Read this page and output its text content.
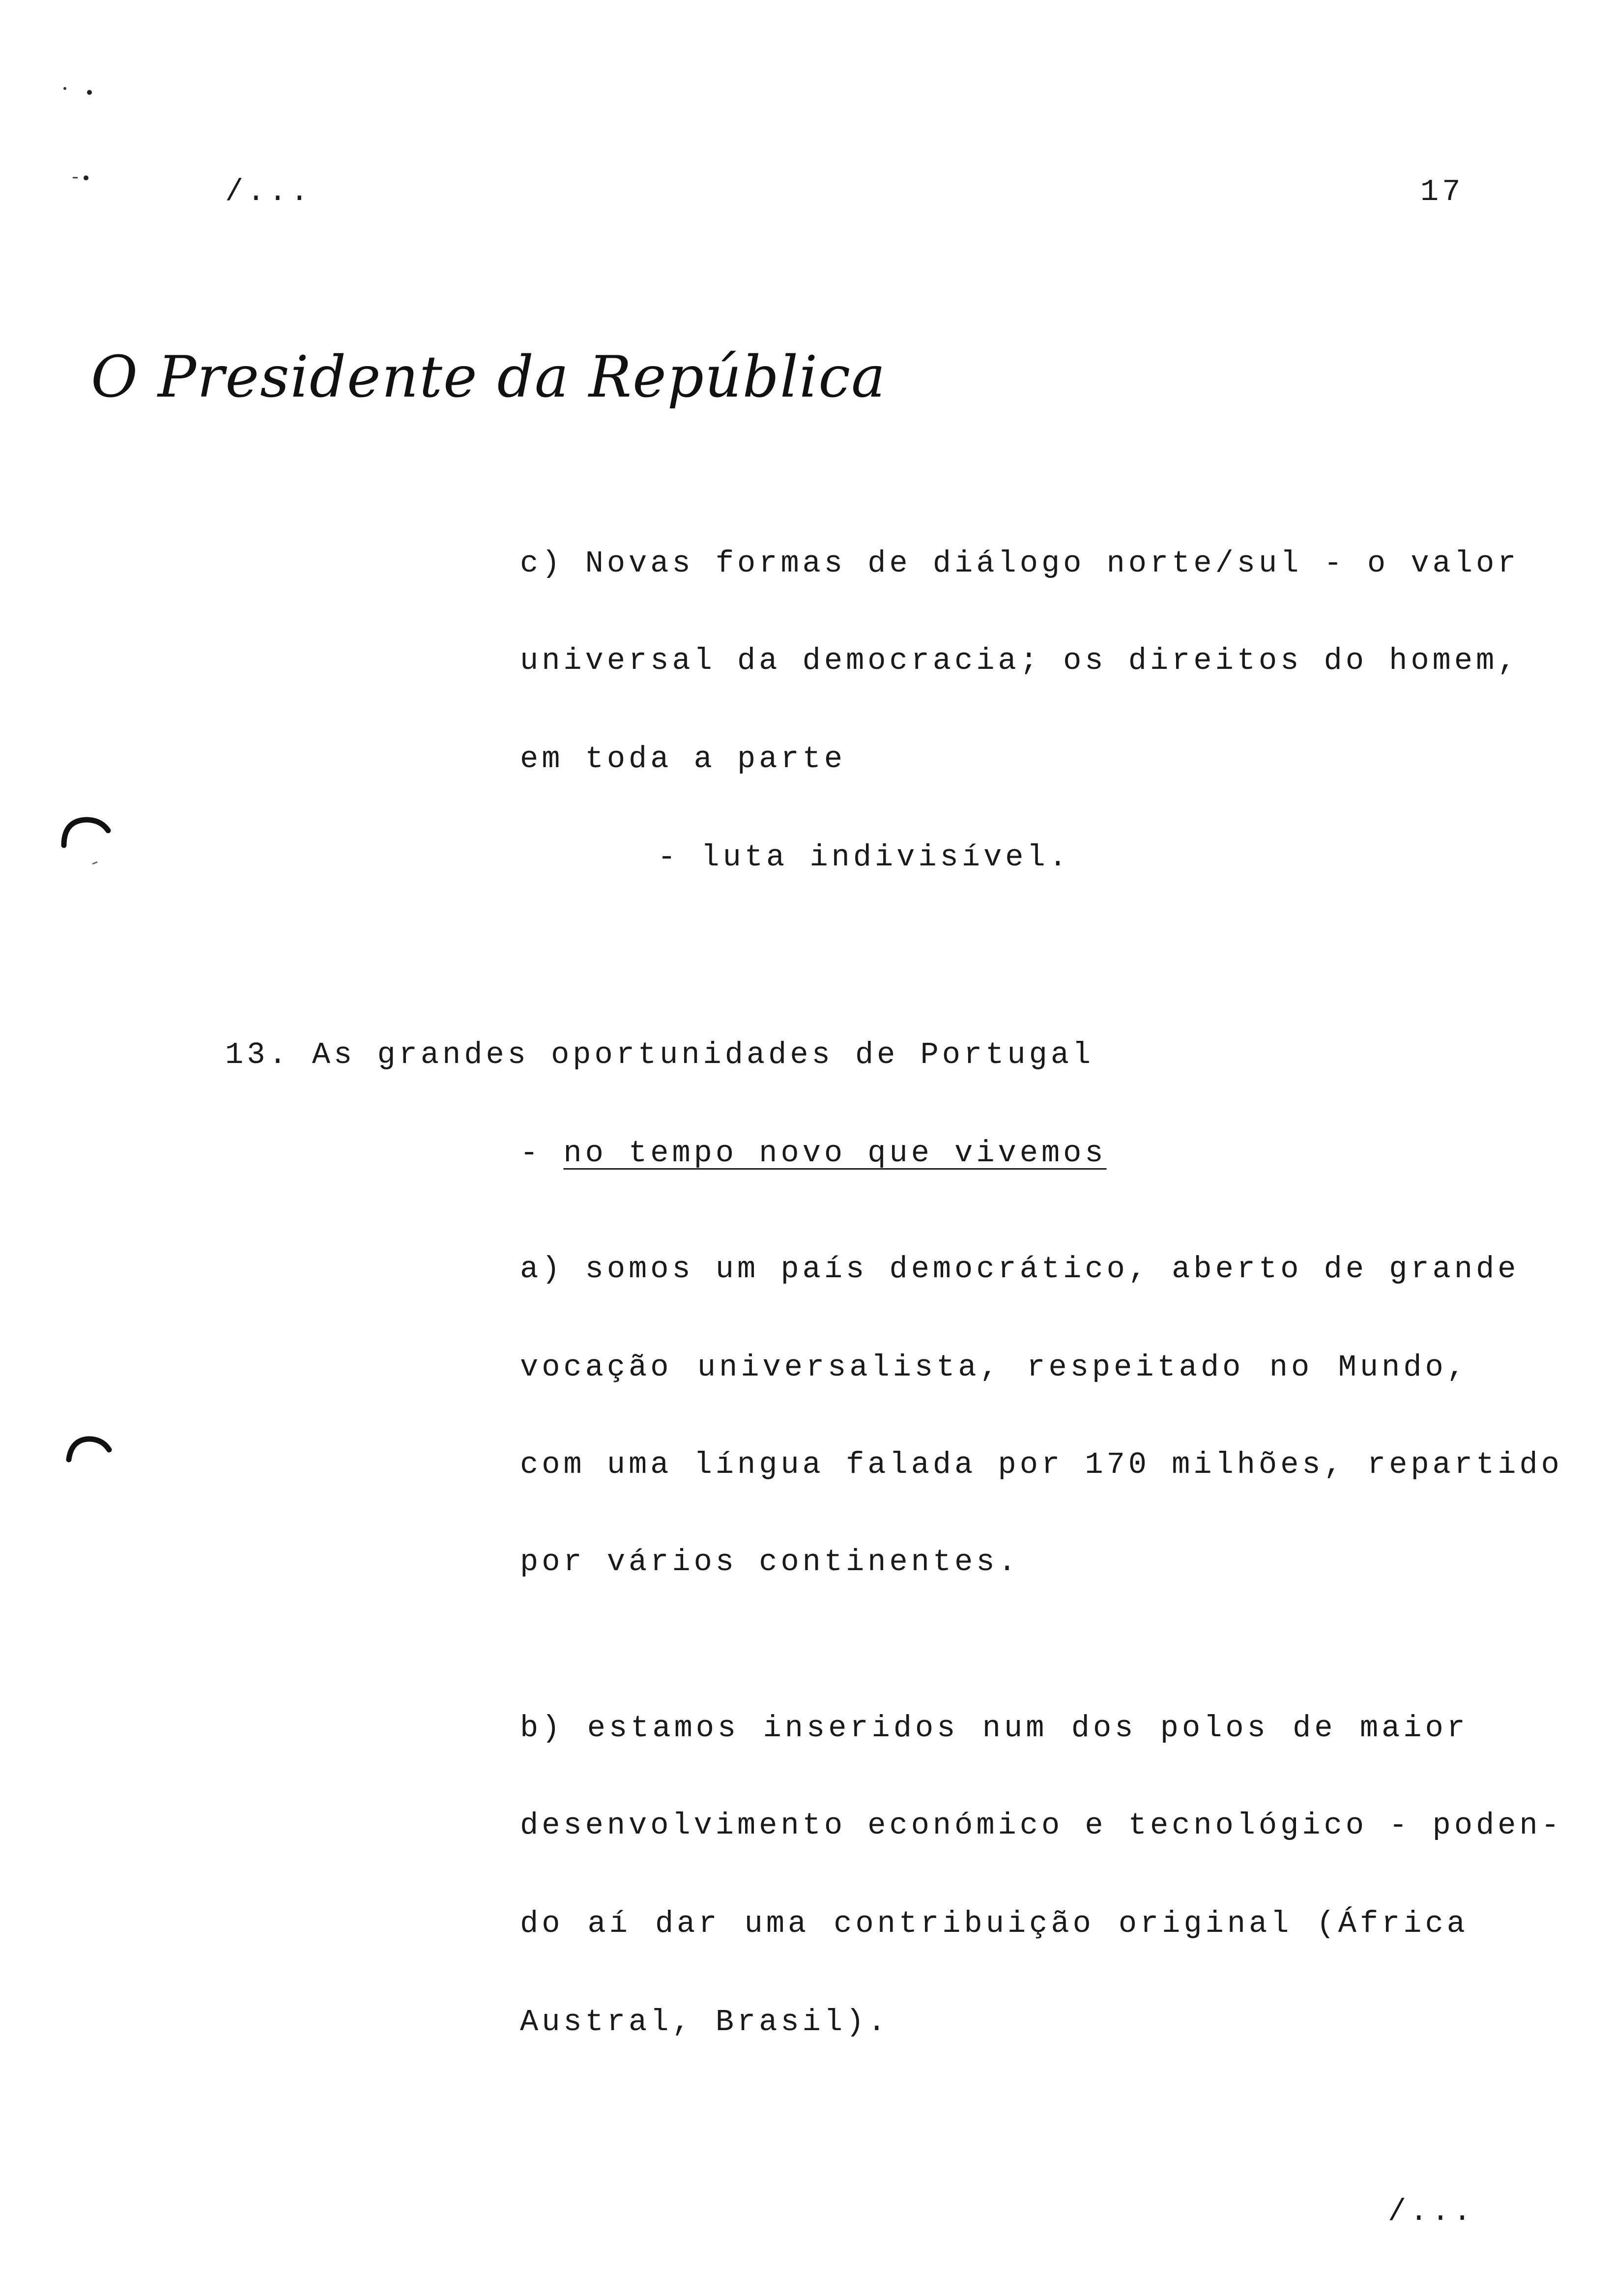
/...	17
O Presidente da República
c) Novas formas de diálogo norte/sul - o valor
universal da democracia; os direitos do homem,
em toda a parte
- luta indivisível.
13. As grandes oportunidades de Portugal
- no tempo novo que vivemos
a) somos um país democrático, aberto de grande
vocação universalista, respeitado no Mundo,
com uma língua falada por 170 milhões, repartido
por vários continentes.
b) estamos inseridos num dos polos de maior
desenvolvimento económico e tecnológico - poden-
do aí dar uma contribuição original (África
Austral, Brasil).
/...
